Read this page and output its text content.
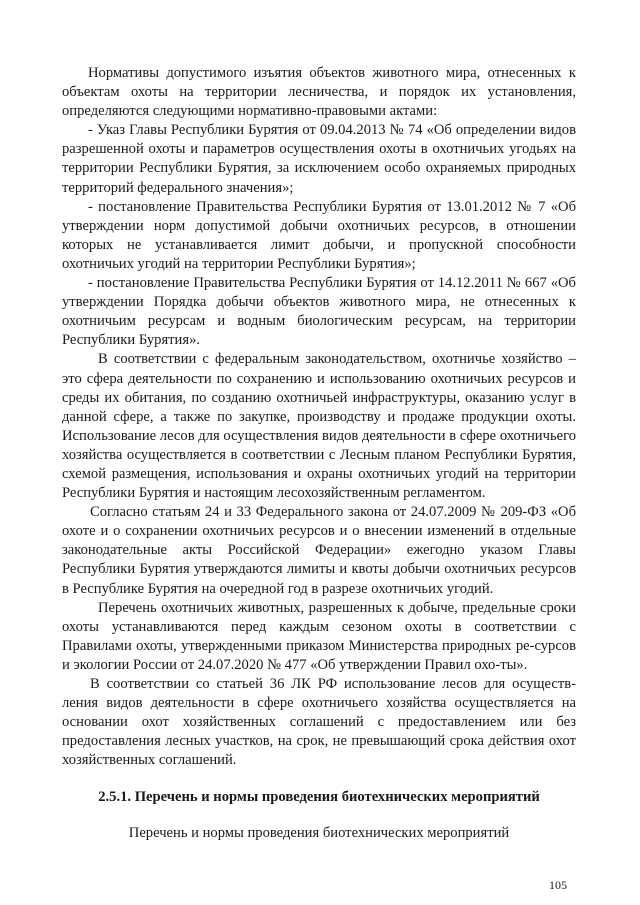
Нормативы допустимого изъятия объектов животного мира, отнесенных к объектам охоты на территории лесничества, и порядок их установления, определяются следующими нормативно-правовыми актами:

- Указ Главы Республики Бурятия от 09.04.2013 № 74 «Об определении видов разрешенной охоты и параметров осуществления охоты в охотничьих угодьях на территории Республики Бурятия, за исключением особо охраняемых природных территорий федерального значения»;

- постановление Правительства Республики Бурятия от 13.01.2012 № 7 «Об утверждении норм допустимой добычи охотничьих ресурсов, в отношении которых не устанавливается лимит добычи, и пропускной способности охотничьих угодий на территории Республики Бурятия»;

- постановление Правительства Республики Бурятия от 14.12.2011 № 667 «Об утверждении Порядка добычи объектов животного мира, не отнесенных к охотничьим ресурсам и водным биологическим ресурсам, на территории Республики Бурятия».

В соответствии с федеральным законодательством, охотничье хозяйство – это сфера деятельности по сохранению и использованию охотничьих ресурсов и среды их обитания, по созданию охотничьей инфраструктуры, оказанию услуг в данной сфере, а также по закупке, производству и продаже продукции охоты. Использование лесов для осуществления видов деятельности в сфере охотничьего хозяйства осуществляется в соответствии с Лесным планом Республики Бурятия, схемой размещения, использования и охраны охотничьих угодий на территории Республики Бурятия и настоящим лесохозяйственным регламентом.

Согласно статьям 24 и 33 Федерального закона от 24.07.2009 № 209-ФЗ «Об охоте и о сохранении охотничьих ресурсов и о внесении изменений в отдельные законодательные акты Российской Федерации» ежегодно указом Главы Республики Бурятия утверждаются лимиты и квоты добычи охотничьих ресурсов в Республике Бурятия на очередной год в разрезе охотничьих угодий.

Перечень охотничьих животных, разрешенных к добыче, предельные сроки охоты устанавливаются перед каждым сезоном охоты в соответствии с Правилами охоты, утвержденными приказом Министерства природных ре-сурсов и экологии России от 24.07.2020 № 477 «Об утверждении Правил охо-ты».

В соответствии со статьей 36 ЛК РФ использование лесов для осуществ-ления видов деятельности в сфере охотничьего хозяйства осуществляется на основании охот хозяйственных соглашений с предоставлением или без предоставления лесных участков, на срок, не превышающий срока действия охот хозяйственных соглашений.

2.5.1. Перечень и нормы проведения биотехнических мероприятий
Перечень и нормы проведения биотехнических мероприятий
105
